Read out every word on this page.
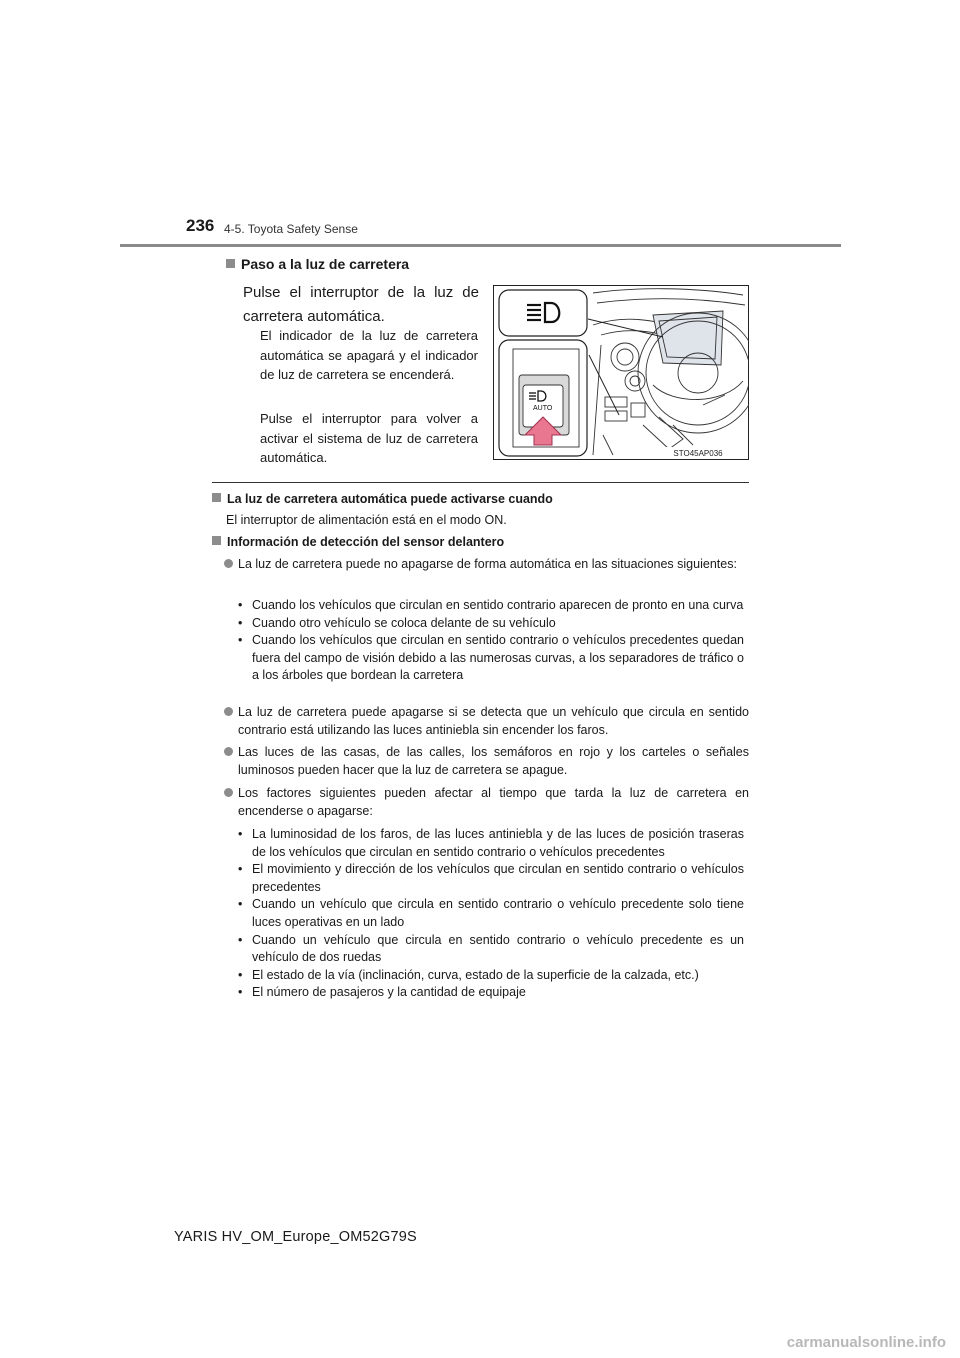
236 4-5. Toyota Safety Sense
Paso a la luz de carretera
Pulse el interruptor de la luz de carretera automática.
El indicador de la luz de carretera automática se apagará y el indicador de luz de carretera se encenderá.
Pulse el interruptor para volver a activar el sistema de luz de carretera automática.
AUTO
STO45AP036
La luz de carretera automática puede activarse cuando
El interruptor de alimentación está en el modo ON.
Información de detección del sensor delantero
La luz de carretera puede no apagarse de forma automática en las situaciones siguientes:
• Cuando los vehículos que circulan en sentido contrario aparecen de pronto en una curva
• Cuando otro vehículo se coloca delante de su vehículo
• Cuando los vehículos que circulan en sentido contrario o vehículos precedentes quedan fuera del campo de visión debido a las numerosas curvas, a los separadores de tráfico o a los árboles que bordean la carretera
La luz de carretera puede apagarse si se detecta que un vehículo que circula en sentido contrario está utilizando las luces antiniebla sin encender los faros.
Las luces de las casas, de las calles, los semáforos en rojo y los carteles o señales luminosos pueden hacer que la luz de carretera se apague.
Los factores siguientes pueden afectar al tiempo que tarda la luz de carretera en encenderse o apagarse:
• La luminosidad de los faros, de las luces antiniebla y de las luces de posición traseras de los vehículos que circulan en sentido contrario o vehículos precedentes
• El movimiento y dirección de los vehículos que circulan en sentido contrario o vehículos precedentes
• Cuando un vehículo que circula en sentido contrario o vehículo precedente solo tiene luces operativas en un lado
• Cuando un vehículo que circula en sentido contrario o vehículo precedente es un vehículo de dos ruedas
• El estado de la vía (inclinación, curva, estado de la superficie de la calzada, etc.)
• El número de pasajeros y la cantidad de equipaje
YARIS HV_OM_Europe_OM52G79S
carmanualsonline.info
